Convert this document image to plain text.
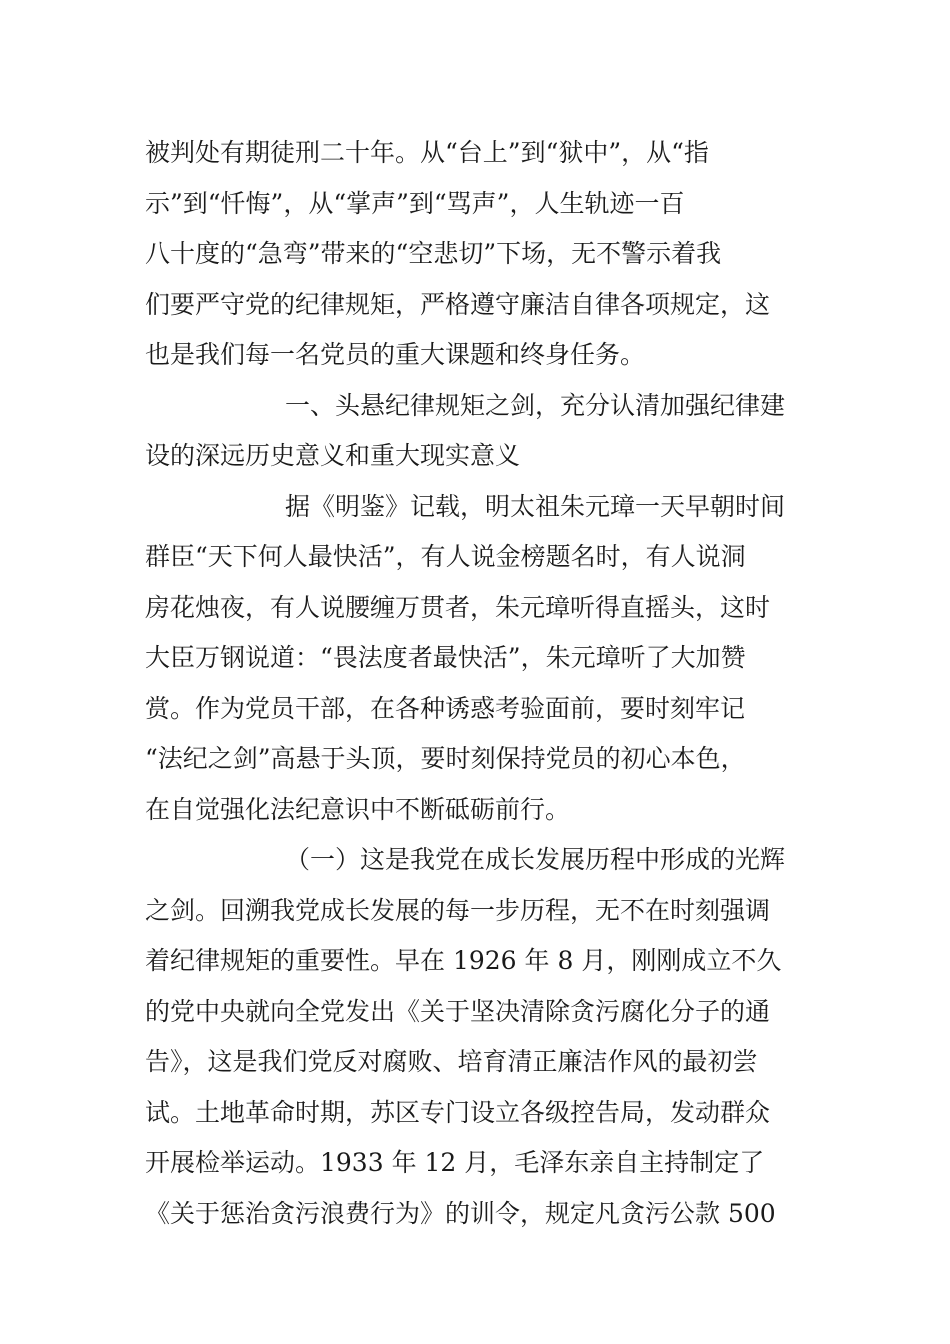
被判处有期徒刑二十年。从“台上”到“狱中”，从“指
示”到“忏悔”，从“掌声”到“骂声”，人生轨迹一百
八十度的“急弯”带来的“空悲切”下场，无不警示着我
们要严守党的纪律规矩，严格遵守廉洁自律各项规定，这
也是我们每一名党员的重大课题和终身任务。
一、头悬纪律规矩之剑，充分认清加强纪律建
设的深远历史意义和重大现实意义
据《明鉴》记载，明太祖朱元璋一天早朝时间
群臣“天下何人最快活”，有人说金榜题名时，有人说洞
房花烛夜，有人说腰缠万贯者，朱元璋听得直摇头，这时
大臣万钢说道：“畏法度者最快活”，朱元璋听了大加赞
赏。作为党员干部，在各种诱惑考验面前，要时刻牢记
“法纪之剑”高悬于头顶，要时刻保持党员的初心本色，
在自觉强化法纪意识中不断砥砺前行。
（一）这是我党在成长发展历程中形成的光辉
之剑。回溯我党成长发展的每一步历程，无不在时刻强调
着纪律规矩的重要性。早在 1926 年 8 月，刚刚成立不久
的党中央就向全党发出《关于坚决清除贪污腐化分子的通
告》，这是我们党反对腐败、培育清正廉洁作风的最初尝
试。土地革命时期，苏区专门设立各级控告局，发动群众
开展检举运动。1933 年 12 月，毛泽东亲自主持制定了
《关于惩治贪污浪费行为》的训令，规定凡贪污公款 500
